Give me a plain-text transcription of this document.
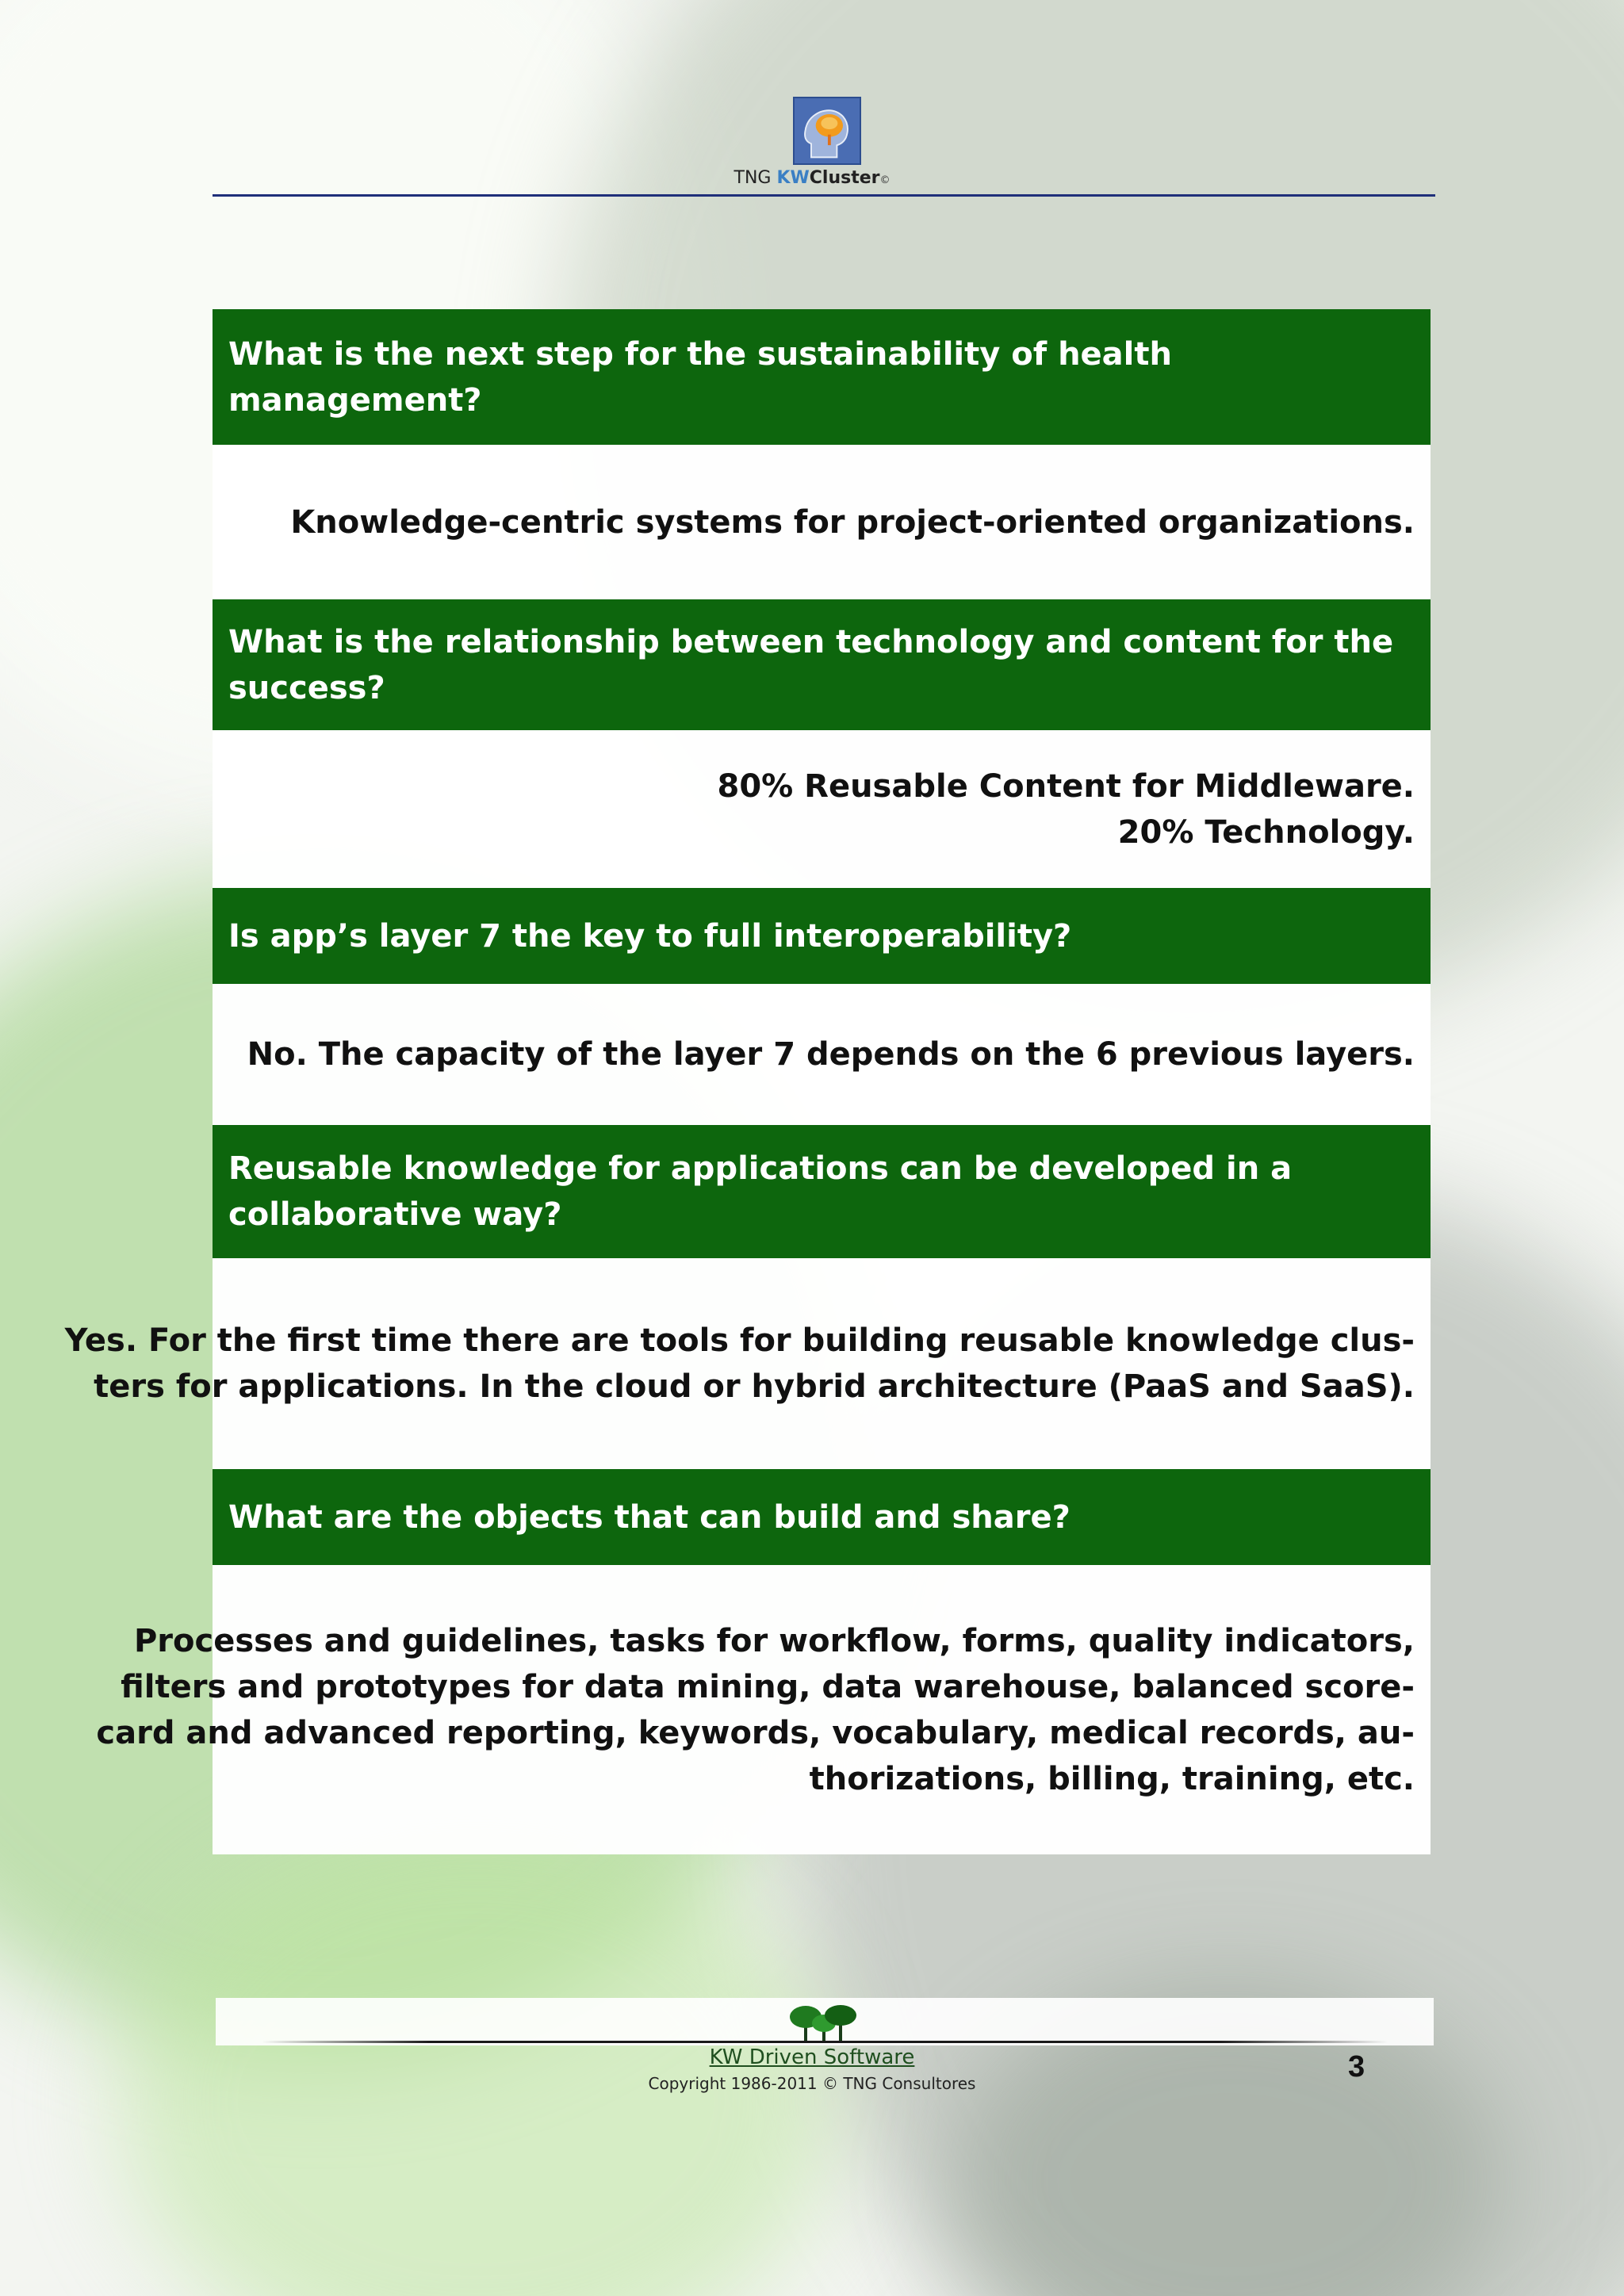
TNG KWCluster©
What is the next step for the sustainability of health management?
Knowledge-centric systems for project-oriented organizations.
What is the relationship between technology and content for the success?
80% Reusable Content for Middleware.
20% Technology.
Is app’s layer 7 the key to full interoperability?
No. The capacity of the layer 7 depends on the 6 previous layers.
Reusable knowledge for applications can be developed in a collaborative way?
Yes. For the first time there are tools for building reusable knowledge clus-
ters for applications. In the cloud or hybrid architecture (PaaS and SaaS).
What are the objects that can build and share?
Processes and guidelines, tasks for workflow, forms, quality indicators,
filters and prototypes for data mining, data warehouse, balanced score-
card and advanced reporting, keywords, vocabulary, medical records, au-
thorizations, billing, training, etc.
KW Driven Software
Copyright 1986-2011 © TNG Consultores	3
